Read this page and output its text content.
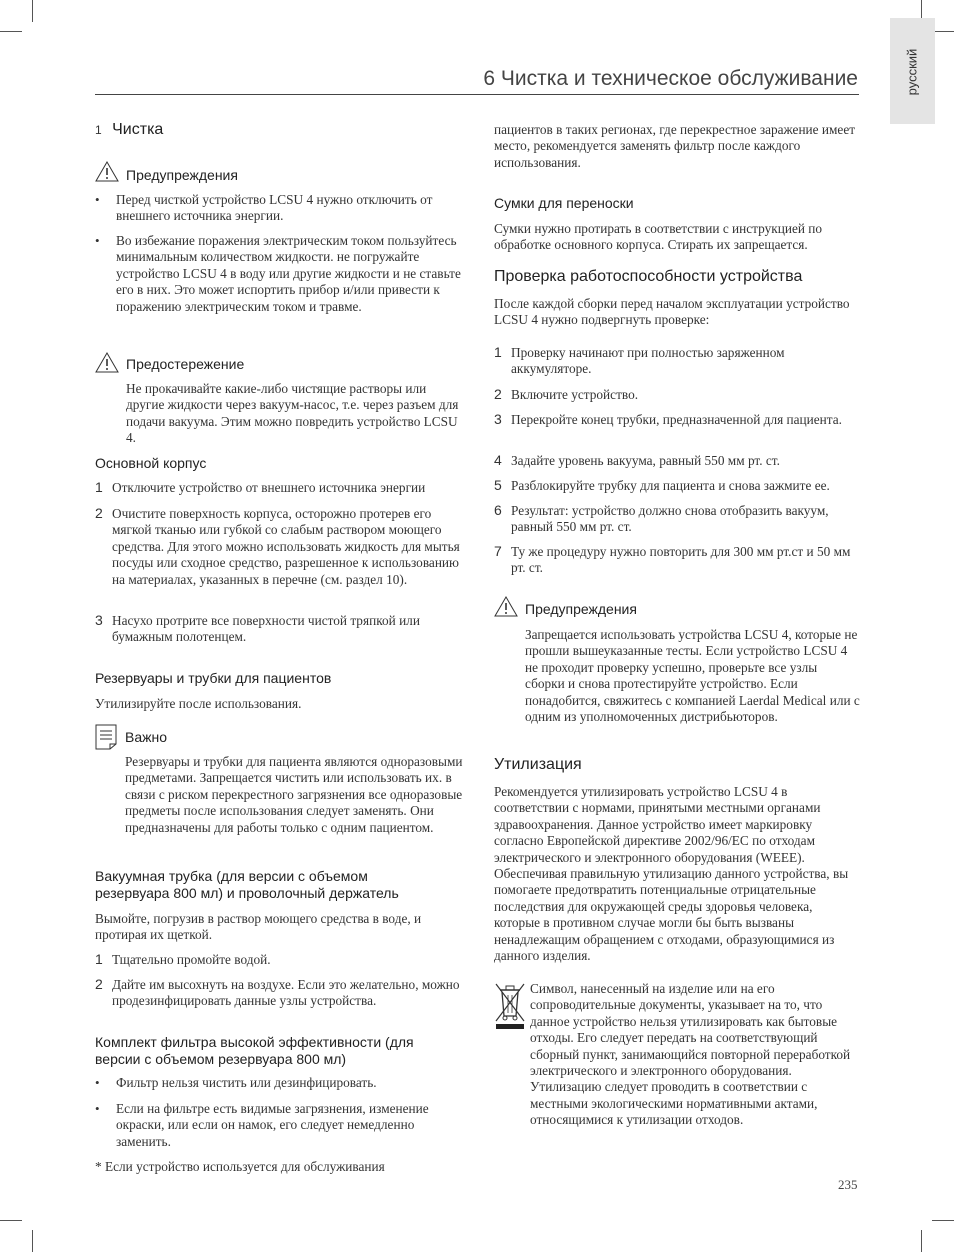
русский
6 Чистка и техническое обслуживание
1 Чистка
Предупреждения
• Перед чисткой устройство LCSU 4 нужно отключить от внешнего источника энергии.
• Во избежание поражения электрическим током пользуйтесь минимальным количеством жидкости. не погружайте устройство LCSU 4 в воду или другие жидкости и не ставьте его в них. Это может испортить прибор и/или привести к поражению электрическим током и травме.
Предостережение
Не прокачивайте какие-либо чистящие растворы или другие жидкости через вакуум-насос, т.е. через разъем для подачи вакуума. Этим можно повредить устройство LCSU 4.
Основной корпус
1 Отключите устройство от внешнего источника энергии
2 Очистите поверхность корпуса, осторожно протерев его мягкой тканью или губкой со слабым раствором моющего средства. Для этого можно использовать жидкость для мытья посуды или сходное средство, разрешенное к использованию на материалах, указанных в перечне (см. раздел 10).
3 Насухо протрите все поверхности чистой тряпкой или бумажным полотенцем.
Резервуары и трубки для пациентов
Утилизируйте после использования.
Важно
Резервуары и трубки для пациента являются одноразовыми предметами. Запрещается чистить или использовать их. в связи с риском перекрестного загрязнения все одноразовые предметы после использования следует заменять. Они предназначены для работы только с одним пациентом.
Вакуумная трубка (для версии с объемом
резервуара 800 мл) и проволочный держатель
Вымойте, погрузив в раствор моющего средства в воде, и протирая их щеткой.
1 Тщательно промойте водой.
2 Дайте им высохнуть на воздухе. Если это желательно, можно продезинфицировать данные узлы устройства.
Комплект фильтра высокой эффективности (для
версии с объемом резервуара 800 мл)
• Фильтр нельзя чистить или дезинфицировать.
• Если на фильтре есть видимые загрязнения, изменение окраски, или если он намок, его следует немедленно заменить.
* Если устройство используется для обслуживания
пациентов в таких регионах, где перекрестное заражение имеет место, рекомендуется заменять фильтр после каждого использования.
Сумки для переноски
Сумки нужно протирать в соответствии с инструкцией по обработке основного корпуса. Стирать их запрещается.
Проверка работоспособности устройства
После каждой сборки перед началом эксплуатации устройство LCSU 4 нужно подвергнуть проверке:
1 Проверку начинают при полностью заряженном аккумуляторе.
2 Включите устройство.
3 Перекройте конец трубки, предназначенной для пациента.
4 Задайте уровень вакуума, равный 550 мм рт. ст.
5 Разблокируйте трубку для пациента и снова зажмите ее.
6 Результат: устройство должно снова отобразить вакуум, равный 550 мм рт. ст.
7 Ту же процедуру нужно повторить для 300 мм рт.ст и 50 мм рт. ст.
Предупреждения
Запрещается использовать устройства LCSU 4, которые не прошли вышеуказанные тесты. Если устройство LCSU 4 не проходит проверку успешно, проверьте все узлы сборки и снова протестируйте устройство. Если понадобится, свяжитесь с компанией Laerdal Medical или с одним из уполномоченных дистрибьюторов.
Утилизация
Рекомендуется утилизировать устройство LCSU 4 в соответствии с нормами, принятыми местными органами здравоохранения. Данное устройство имеет маркировку согласно Европейской директиве 2002/96/EC по отходам электрического и электронного оборудования (WEEE). Обеспечивая правильную утилизацию данного устройства, вы помогаете предотвратить потенциальные отрицательные последствия для окружающей среды здоровья человека, которые в противном случае могли бы быть вызваны ненадлежащим обращением с отходами, образующимися из данного изделия.
Символ, нанесенный на изделие или на его сопроводительные документы, указывает на то, что данное устройство нельзя утилизировать как бытовые отходы. Его следует передать на соответствующий сборный пункт, занимающийся повторной переработкой электрического и электронного оборудования. Утилизацию следует проводить в соответствии с местными экологическими нормативными актами, относящимися к утилизации отходов.
235
